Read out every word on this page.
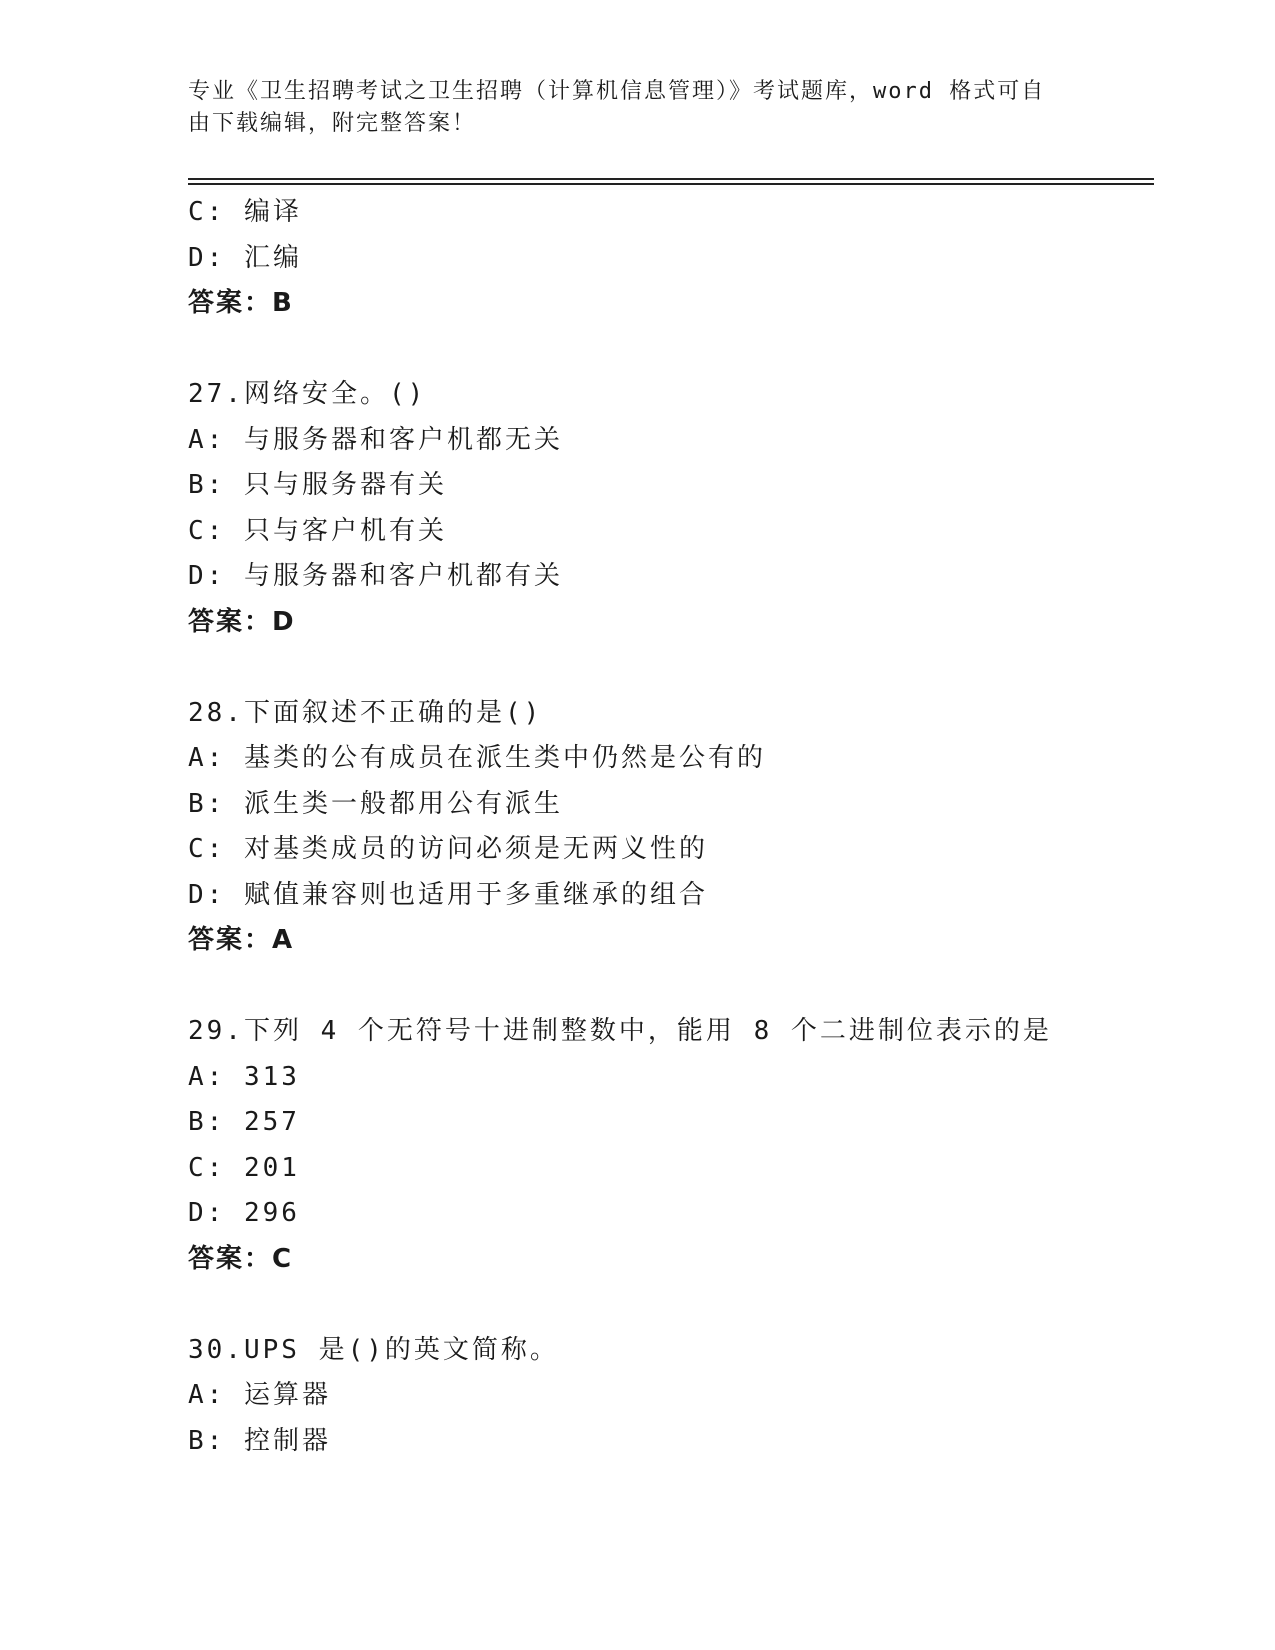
专业《卫生招聘考试之卫生招聘（计算机信息管理）》考试题库，word 格式可自由下载编辑，附完整答案！
C: 编译
D: 汇编
答案：B
27.网络安全。()
A: 与服务器和客户机都无关
B: 只与服务器有关
C: 只与客户机有关
D: 与服务器和客户机都有关
答案：D
28.下面叙述不正确的是()
A: 基类的公有成员在派生类中仍然是公有的
B: 派生类一般都用公有派生
C: 对基类成员的访问必须是无两义性的
D: 赋值兼容则也适用于多重继承的组合
答案：A
29.下列 4 个无符号十进制整数中，能用 8 个二进制位表示的是
A: 313
B: 257
C: 201
D: 296
答案：C
30.UPS 是()的英文简称。
A: 运算器
B: 控制器
